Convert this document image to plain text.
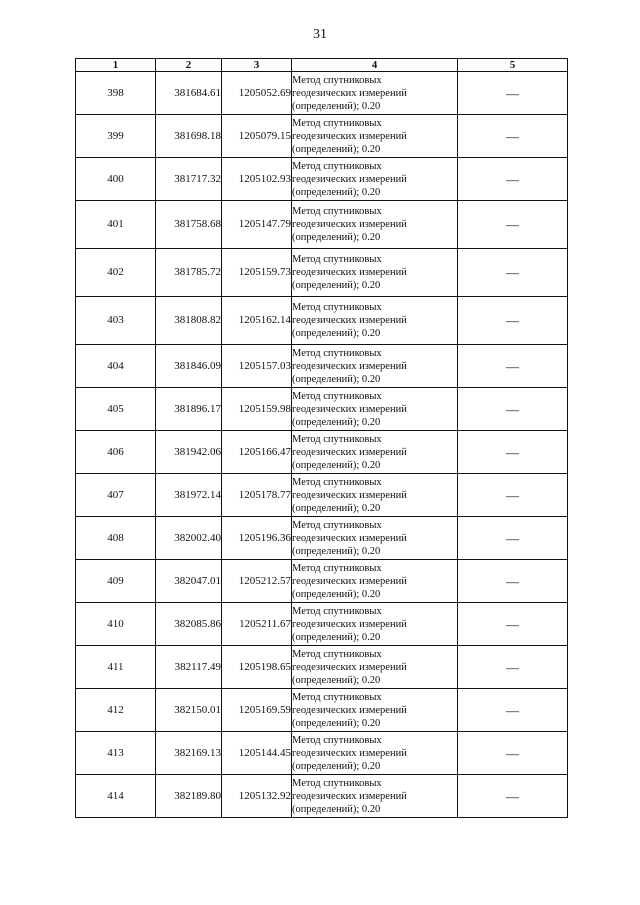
31
1	2	3	4	5
398	381684.61	1205052.69	Метод спутниковых
геодезических измерений
(определений); 0.20	—
399	381698.18	1205079.15	Метод спутниковых
геодезических измерений
(определений); 0.20	—
400	381717.32	1205102.93	Метод спутниковых
геодезических измерений
(определений); 0.20	—
401	381758.68	1205147.79	Метод спутниковых
геодезических измерений
(определений); 0.20	—
402	381785.72	1205159.73	Метод спутниковых
геодезических измерений
(определений); 0.20	—
403	381808.82	1205162.14	Метод спутниковых
геодезических измерений
(определений); 0.20	—
404	381846.09	1205157.03	Метод спутниковых
геодезических измерений
(определений); 0.20	—
405	381896.17	1205159.98	Метод спутниковых
геодезических измерений
(определений); 0.20	—
406	381942.06	1205166.47	Метод спутниковых
геодезических измерений
(определений); 0.20	—
407	381972.14	1205178.77	Метод спутниковых
геодезических измерений
(определений); 0.20	—
408	382002.40	1205196.36	Метод спутниковых
геодезических измерений
(определений); 0.20	—
409	382047.01	1205212.57	Метод спутниковых
геодезических измерений
(определений); 0.20	—
410	382085.86	1205211.67	Метод спутниковых
геодезических измерений
(определений); 0.20	—
411	382117.49	1205198.65	Метод спутниковых
геодезических измерений
(определений); 0.20	—
412	382150.01	1205169.59	Метод спутниковых
геодезических измерений
(определений); 0.20	—
413	382169.13	1205144.45	Метод спутниковых
геодезических измерений
(определений); 0.20	—
414	382189.80	1205132.92	Метод спутниковых
геодезических измерений
(определений); 0.20	—
